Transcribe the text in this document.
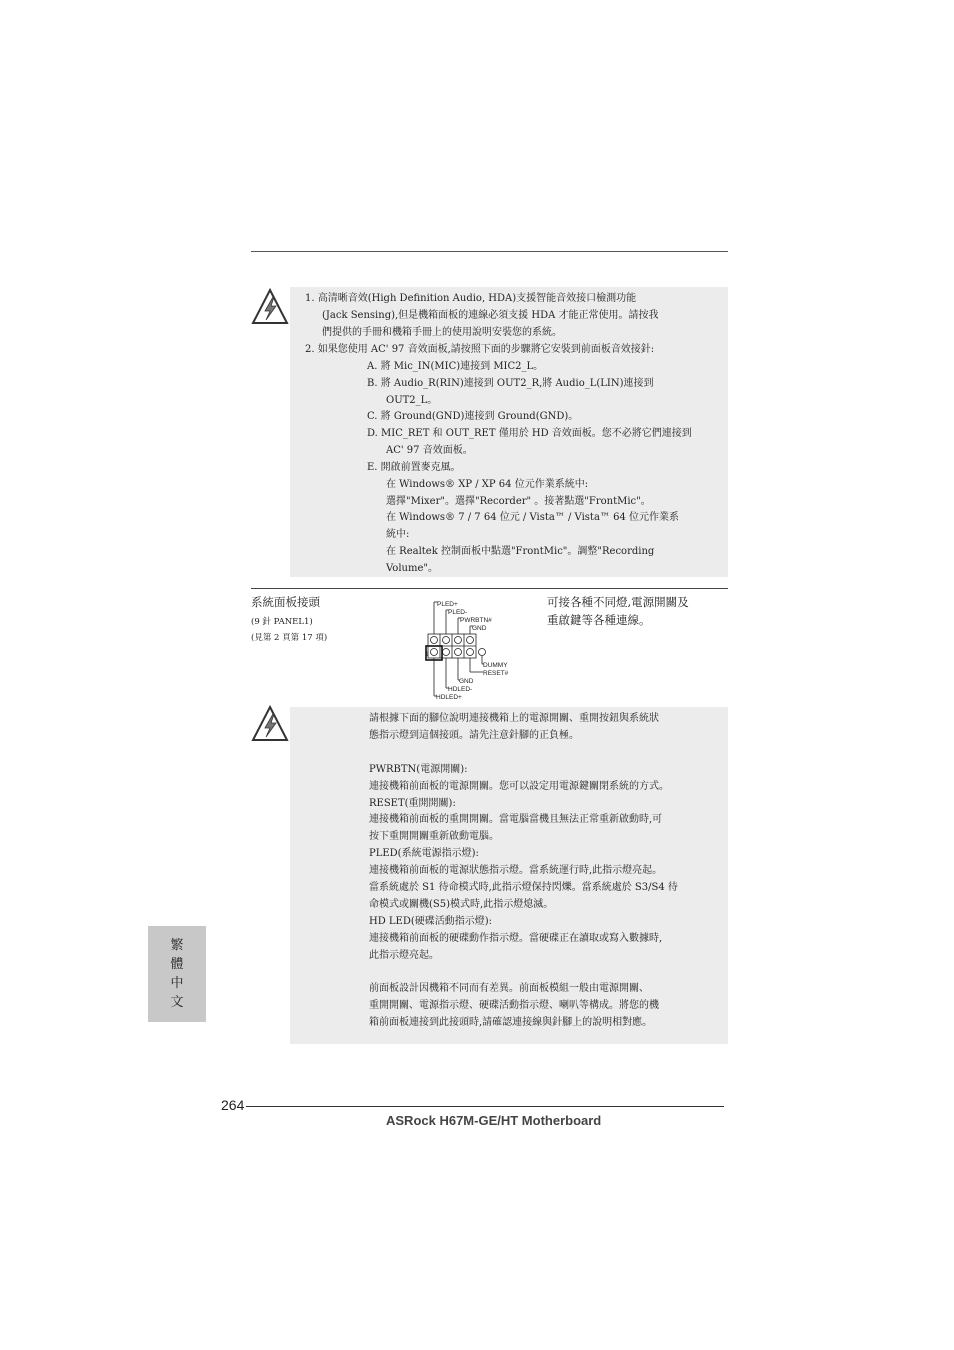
1. 高清晰音效(High Definition Audio, HDA)支援智能音效接口檢測功能
(Jack Sensing),但是機箱面板的連線必須支援 HDA 才能正常使用。請按我
們提供的手冊和機箱手冊上的使用說明安裝您的系統。
2. 如果您使用 AC' 97 音效面板,請按照下面的步驟將它安裝到前面板音效接針:
A. 將 Mic_IN(MIC)連接到 MIC2_L。
B. 將 Audio_R(RIN)連接到 OUT2_R,將 Audio_L(LIN)連接到
OUT2_L。
C. 將 Ground(GND)連接到 Ground(GND)。
D. MIC_RET 和 OUT_RET 僅用於 HD 音效面板。您不必將它們連接到
AC' 97 音效面板。
E. 開啟前置麥克風。
在 Windows® XP / XP 64 位元作業系統中:
選擇"Mixer"。選擇"Recorder" 。接著點選"FrontMic"。
在 Windows® 7 / 7 64 位元 / Vista™ / Vista™ 64 位元作業系
統中:
在 Realtek 控制面板中點選"FrontMic"。調整"Recording
Volume"。
系統面板接頭
(9 針 PANEL1)
(見第 2 頁第 17 項)
可接各種不同燈,電源開關及
重啟鍵等各種連線。
1
PLED+
PLED-
PWRBTN#
GND
DUMMY
RESET#
GND
HDLED-
HDLED+
請根據下面的腳位說明連接機箱上的電源開關、重開按鈕與系統狀
態指示燈到這個接頭。請先注意針腳的正負極。
PWRBTN(電源開關):
連接機箱前面板的電源開關。您可以設定用電源鍵關閉系統的方式。
RESET(重開開關):
連接機箱前面板的重開開關。當電腦當機且無法正常重新啟動時,可
按下重開開關重新啟動電腦。
PLED(系統電源指示燈):
連接機箱前面板的電源狀態指示燈。當系統運行時,此指示燈亮起。
當系統處於 S1 待命模式時,此指示燈保持閃爍。當系統處於 S3/S4 待
命模式或關機(S5)模式時,此指示燈熄滅。
HD LED(硬碟活動指示燈):
連接機箱前面板的硬碟動作指示燈。當硬碟正在讀取或寫入數據時,
此指示燈亮起。
前面板設計因機箱不同而有差異。前面板模組一般由電源開關、
重開開關、電源指示燈、硬碟活動指示燈、喇叭等構成。將您的機
箱前面板連接到此接頭時,請確認連接線與針腳上的說明相對應。
繁
體
中
文
264
ASRock H67M-GE/HT Motherboard
